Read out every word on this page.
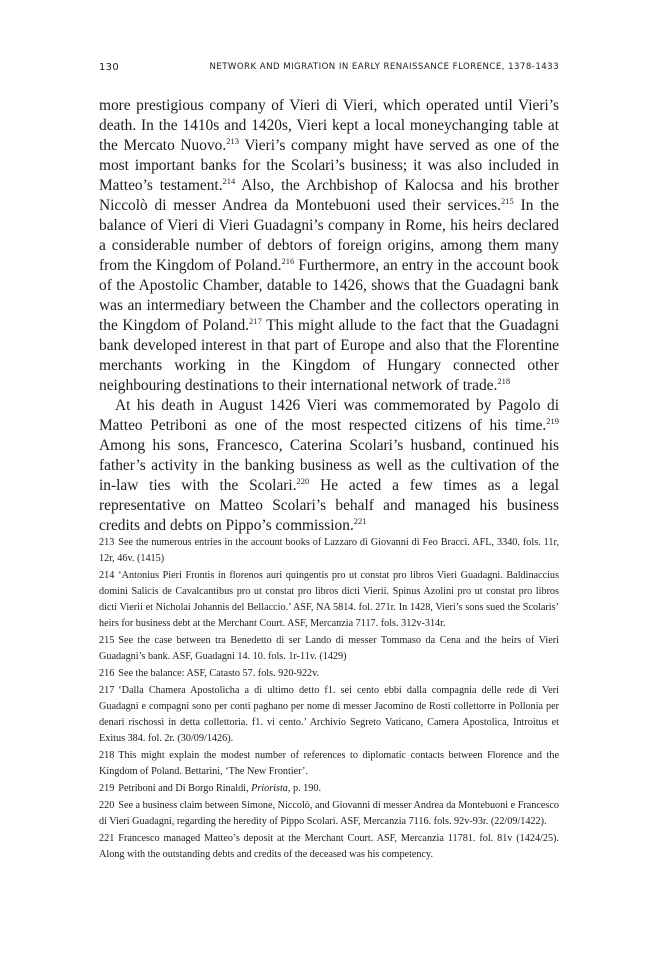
130	NETWORK AND MIGRATION IN EARLY RENAISSANCE FLORENCE, 1378-1433

more prestigious company of Vieri di Vieri, which operated until Vieri’s death. In the 1410s and 1420s, Vieri kept a local moneychanging table at the Mercato Nuovo.$^{213}$ Vieri’s company might have served as one of the most important banks for the Scolari’s business; it was also included in Matteo’s testament.$^{214}$ Also, the Archbishop of Kalocsa and his brother Niccolò di messer Andrea da Montebuoni used their services.$^{215}$ In the balance of Vieri di Vieri Guadagni’s company in Rome, his heirs declared a considerable number of debtors of foreign origins, among them many from the Kingdom of Poland.$^{216}$ Furthermore, an entry in the account book of the Apostolic Chamber, datable to 1426, shows that the Guadagni bank was an intermediary between the Chamber and the collectors operating in the Kingdom of Poland.$^{217}$ This might allude to the fact that the Guadagni bank developed interest in that part of Europe and also that the Florentine merchants working in the Kingdom of Hungary connected other neighbouring destinations to their international network of trade.$^{218}$

At his death in August 1426 Vieri was commemorated by Pagolo di Matteo Petriboni as one of the most respected citizens of his time.$^{219}$ Among his sons, Francesco, Caterina Scolari’s husband, continued his father’s activity in the banking business as well as the cultivation of the in-law ties with the Scolari.$^{220}$ He acted a few times as a legal representative on Matteo Scolari’s behalf and managed his business credits and debts on Pippo’s commission.$^{221}$

213 See the numerous entries in the account books of Lazzaro di Giovanni di Feo Bracci. AFL, 3340. fols. 11r, 12r, 46v. (1415)
214 ‘Antonius Pieri Frontis in florenos auri quingentis pro ut constat pro libros Vieri Guadagni. Baldinaccius domini Salicis de Cavalcantibus pro ut constat pro libros dicti Vierii. Spinus Azolini pro ut constat pro libros dicti Vierii et Nicholai Johannis del Bellaccio.’ ASF, NA 5814. fol. 271r. In 1428, Vieri’s sons sued the Scolaris’ heirs for business debt at the Merchant Court. ASF, Mercanzia 7117. fols. 312v-314r.
215 See the case between tra Benedetto di ser Lando di messer Tommaso da Cena and the heirs of Vieri Guadagni’s bank. ASF, Guadagni 14. 10. fols. 1r-11v. (1429)
216 See the balance: ASF, Catasto 57. fols. 920-922v.
217 ‘Dalla Chamera Apostolicha a dì ultimo detto f1. sei cento ebbi dalla compagnia delle rede di Veri Guadagni e compagni sono per conti paghano per nome di messer Jacomino de Rosti collettorre in Pollonia per denari rischossi in detta collettoria. f1. vi cento.’ Archivio Segreto Vaticano, Camera Apostolica, Introitus et Exitus 384. fol. 2r. (30/09/1426).
218 This might explain the modest number of references to diplomatic contacts between Florence and the Kingdom of Poland. Bettarini, ‘The New Frontier’.
219 Petriboni and Di Borgo Rinaldi, Priorista, p. 190.
220 See a business claim between Simone, Niccolò, and Giovanni di messer Andrea da Montebuoni e Francesco di Vieri Guadagni, regarding the heredity of Pippo Scolari. ASF, Mercanzia 7116. fols. 92v-93r. (22/09/1422).
221 Francesco managed Matteo’s deposit at the Merchant Court. ASF, Mercanzia 11781. fol. 81v (1424/25). Along with the outstanding debts and credits of the deceased was his competency.
